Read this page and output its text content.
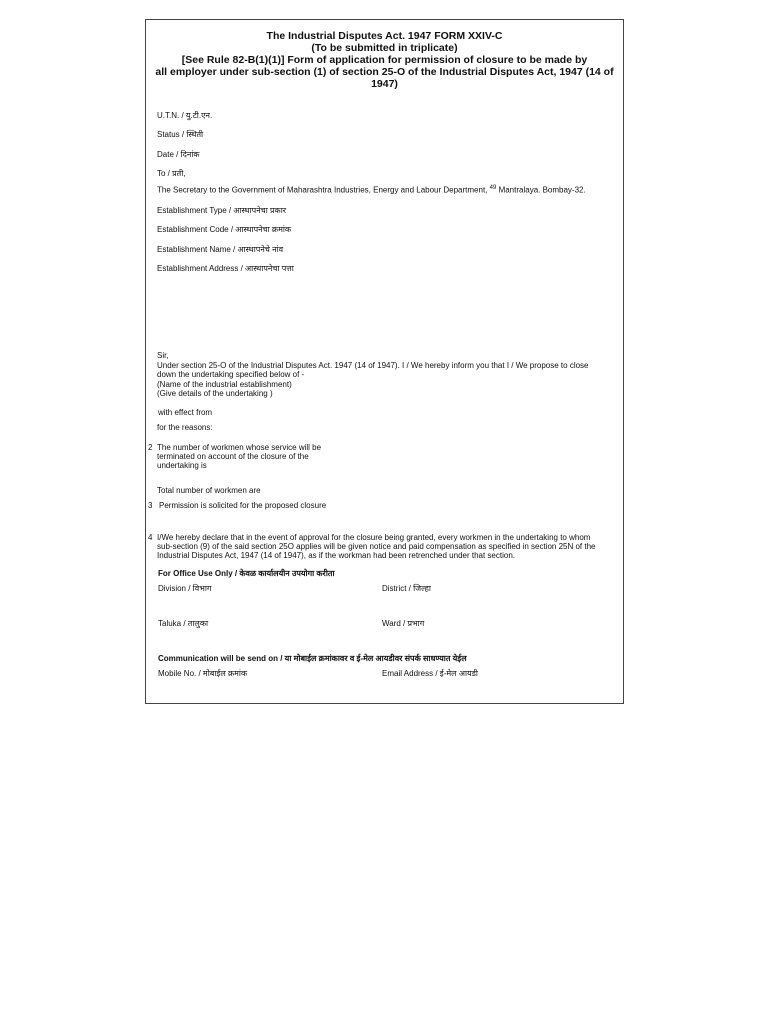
The Industrial Disputes Act. 1947 FORM XXIV-C
(To be submitted in triplicate)
[See Rule 82-B(1)(1)] Form of application for permission of closure to be made by
all employer under sub-section (1) of section 25-O of the Industrial Disputes Act, 1947 (14 of
1947)
U.T.N. / यु.टी.एन.
Status / स्थिती
Date / दिनांक
To / प्रती,
The Secretary to the Government of Maharashtra Industries, Energy and Labour Department, $^{49}$ Mantralaya. Bombay-32.
Establishment Type / आस्थापनेचा प्रकार
Establishment Code / आस्थापनेचा क्रमांक
Establishment Name / आस्थापनेचे नांव
Establishment Address / आस्थापनेचा पत्ता
Sir,
Under section 25-O of the Industrial Disputes Act. 1947 (14 of 1947). I / We hereby inform you that I / We propose to close
down the undertaking specified below of -
(Name of the industrial establishment)
(Give details of the undertaking )
with effect from
for the reasons:
2 The number of workmen whose service will be
terminated on account of the closure of the
undertaking is
Total number of workmen are
3 Permission is solicited for the proposed closure
4 I/We hereby declare that in the event of approval for the closure being granted, every workmen in the undertaking to whom
sub-section (9) of the said section 25O applies will be given notice and paid compensation as specified in section 25N of the
Industrial Disputes Act, 1947 (14 of 1947), as if the workman had been retrenched under that section.
For Office Use Only / केवळ कार्यालयीन उपयोगा करीता
Division / विभाग	District / जिल्हा
Taluka / तालुका	Ward / प्रभाग
Communication will be send on / या मोबाईल क्रमांकावर व ई-मेल आयडीवर संपर्क साधण्यात येईल
Mobile No. / मोबाईल क्रमांक	Email Address / ई-मेल आयडी
